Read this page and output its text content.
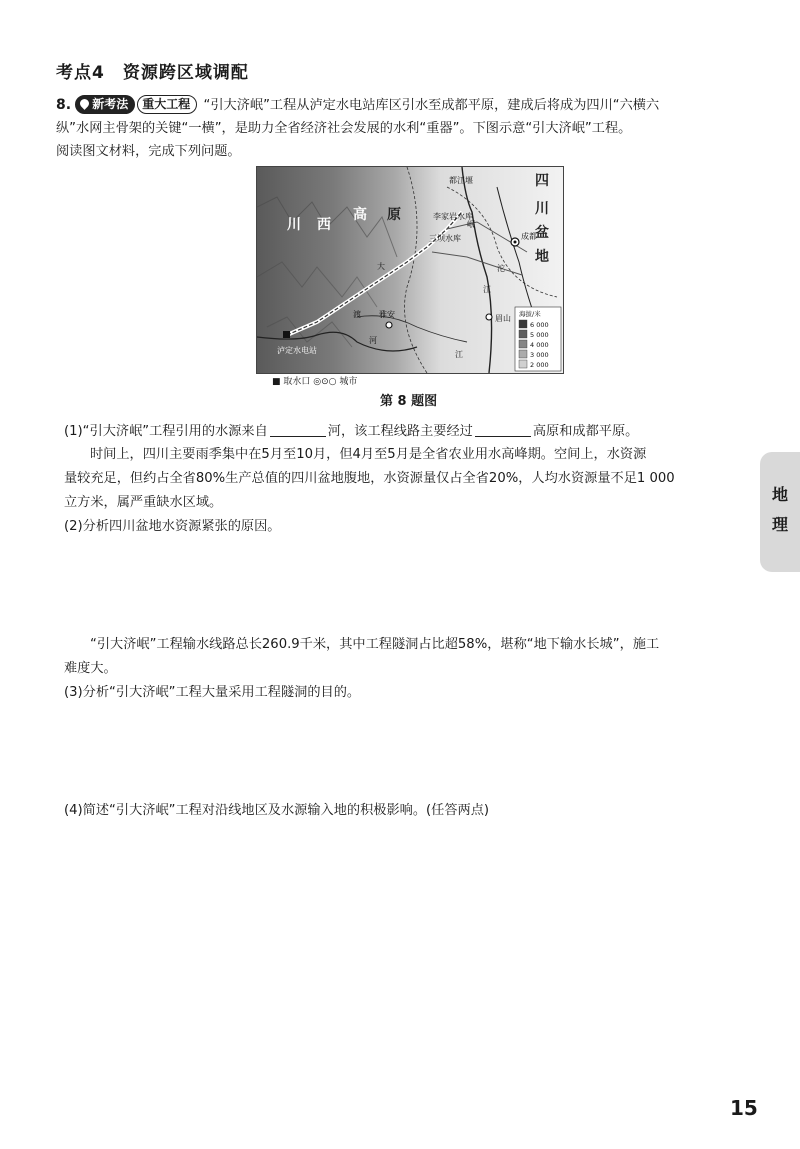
考点4　资源跨区域调配
8. 新考法 重大工程 “引大济岷”工程从泸定水电站库区引水至成都平原，建成后将成为四川“六横六
纵”水网主骨架的关键“一横”，是助力全省经济社会发展的水利“重器”。下图示意“引大济岷”工程。
阅读图文材料，完成下列问题。
川 西
高 原
四
川
盆
地
都江堰
李家岩水库
三坝水库	成都
雅安	眉山
泸定水电站
岷
江
沱
大
渡
河
江
海拔/米
6 000
5 000
4 000
3 000
2 000
■ 取水口 ◎⊙○ 城市
第 8 题图
(1)“引大济岷”工程引用的水源来自	河，该工程线路主要经过	高原和成都平原。
时间上，四川主要雨季集中在5月至10月，但4月至5月是全省农业用水高峰期。空间上，水资源
量较充足，但约占全省80%生产总值的四川盆地腹地，水资源量仅占全省20%，人均水资源量不足1 000
立方米，属严重缺水区域。
(2)分析四川盆地水资源紧张的原因。
“引大济岷”工程输水线路总长260.9千米，其中工程隧洞占比超58%，堪称“地下输水长城”，施工
难度大。
(3)分析“引大济岷”工程大量采用工程隧洞的目的。
(4)简述“引大济岷”工程对沿线地区及水源输入地的积极影响。(任答两点)
地
理
15
